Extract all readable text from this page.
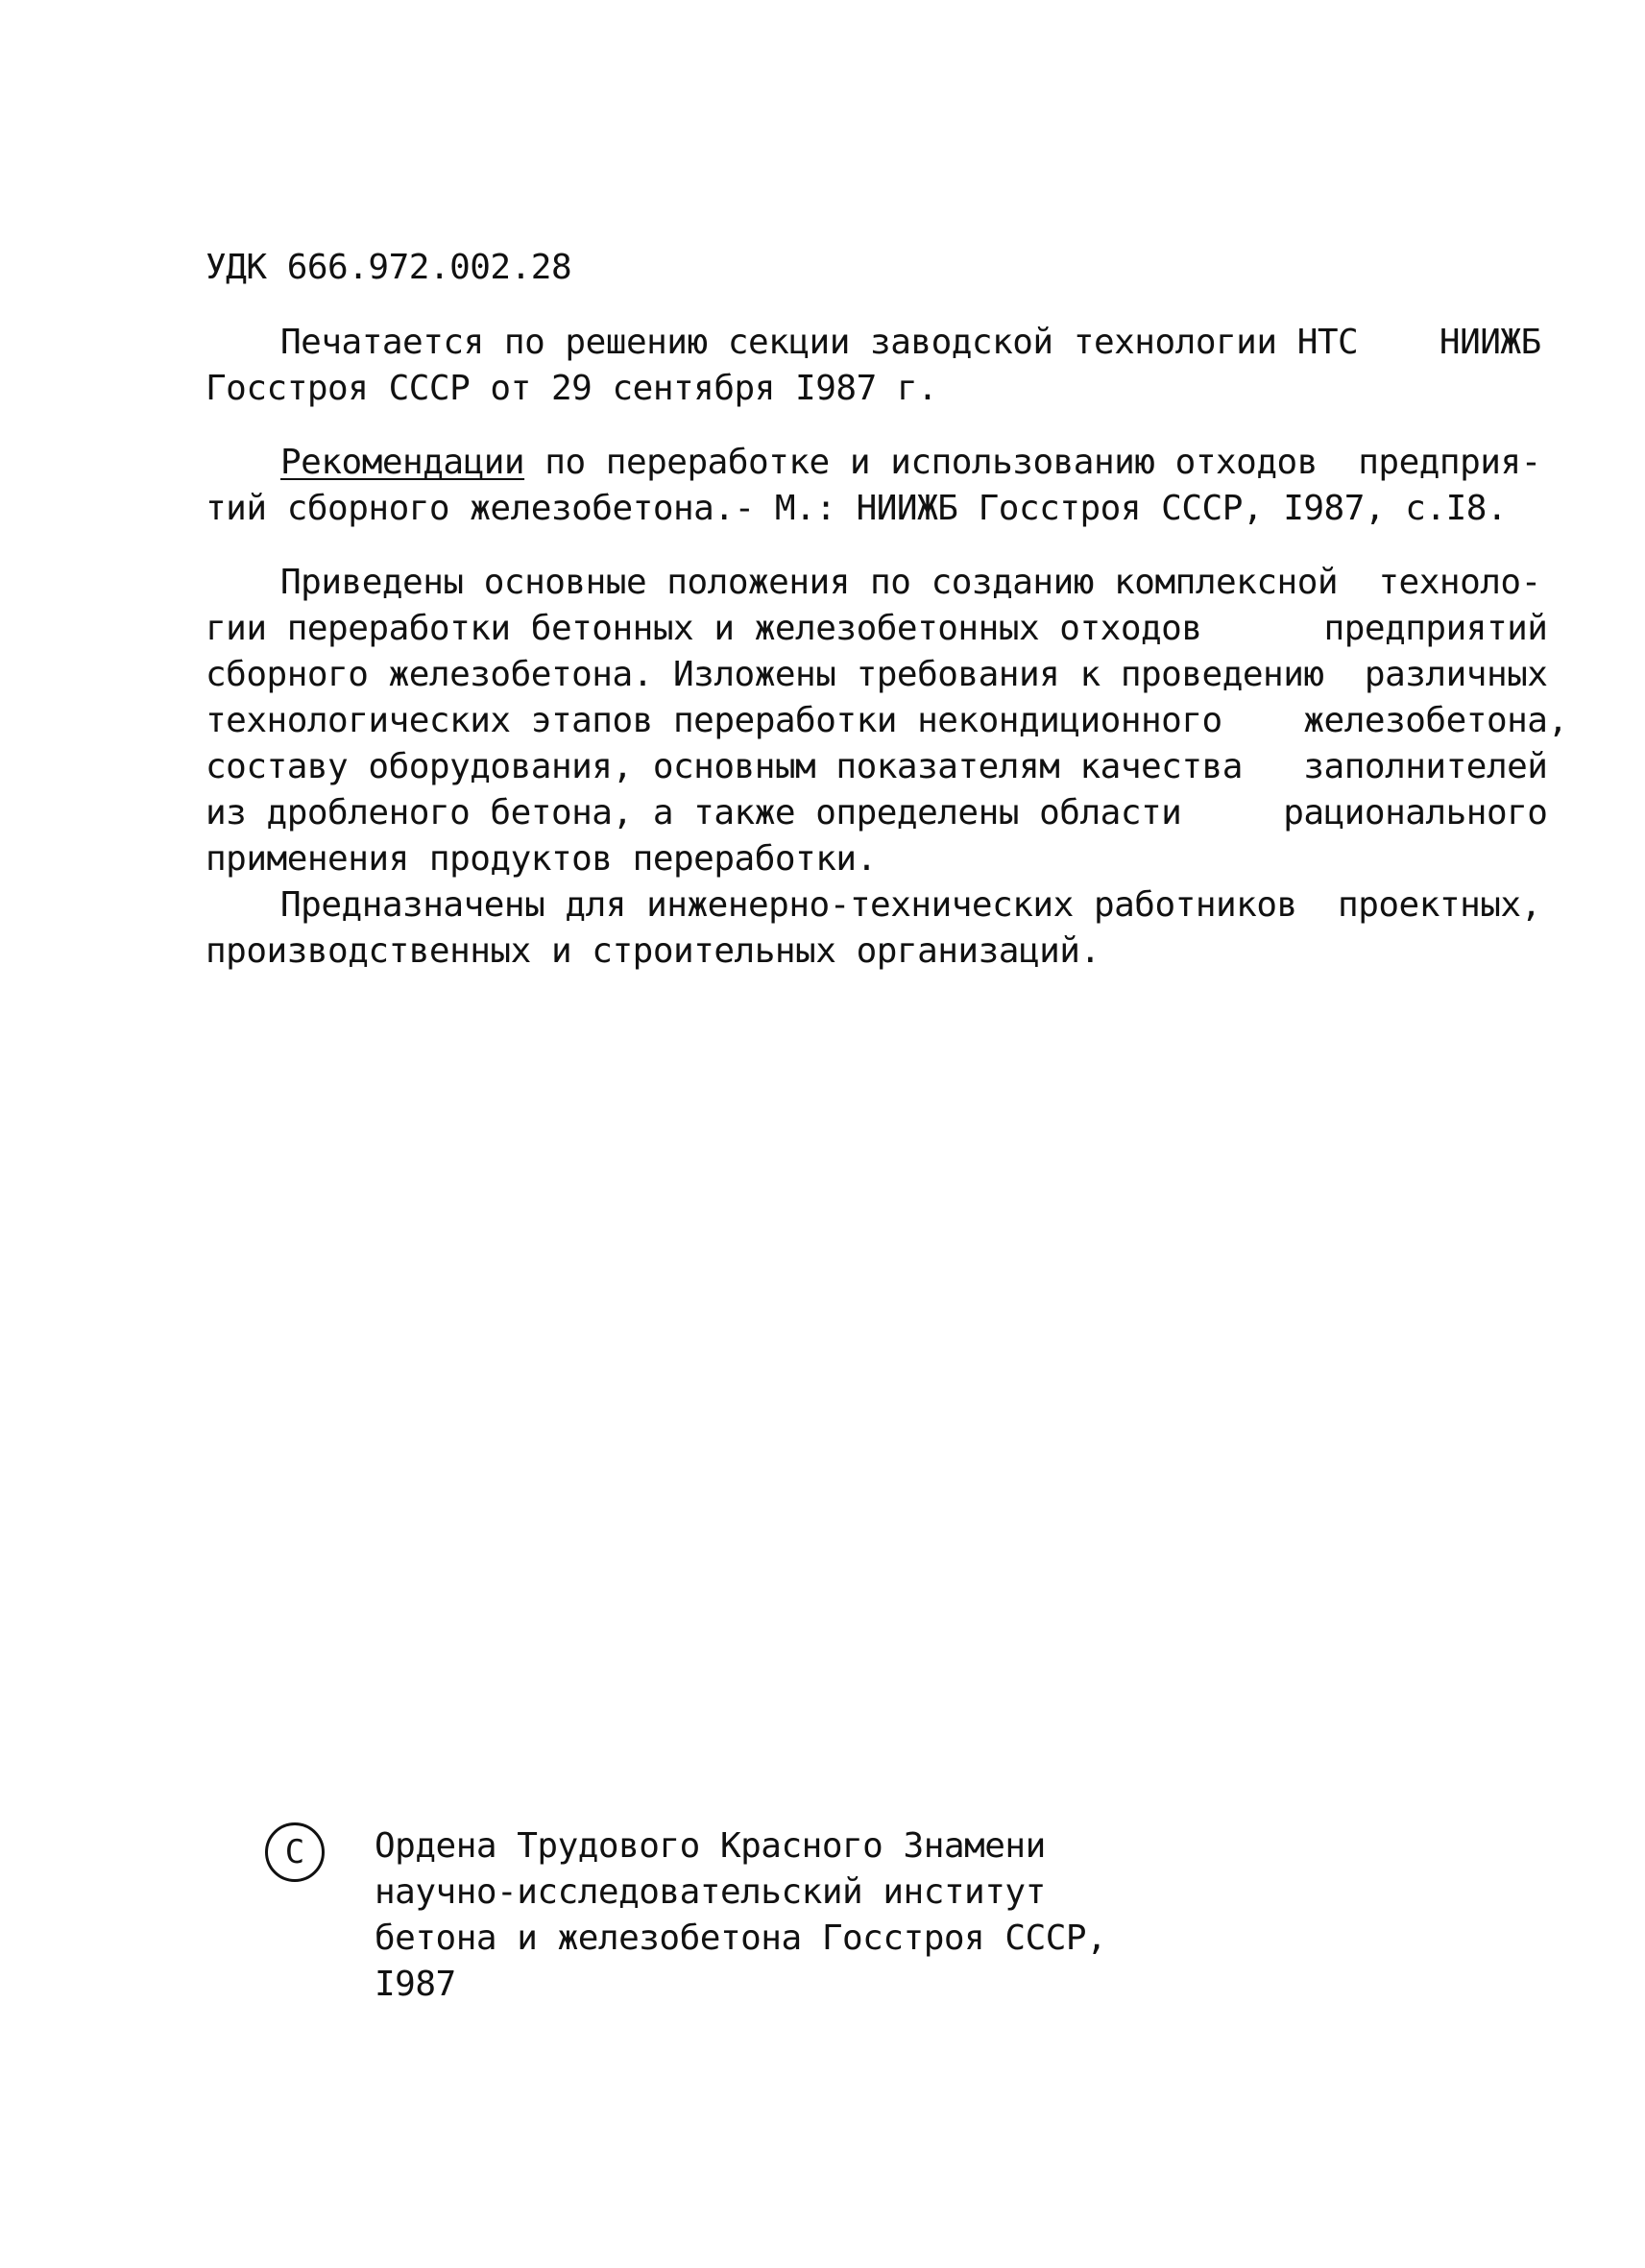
УДК 666.972.002.28
Печатается по решению секции заводской технологии НТС    НИИЖБ
Госстроя СССР от 29 сентября I987 г.
Рекомендации по переработке и использованию отходов  предприя-
тий сборного железобетона.- М.: НИИЖБ Госстроя СССР, I987, с.I8.
Приведены основные положения по созданию комплексной  техноло-
гии переработки бетонных и железобетонных отходов      предприятий
сборного железобетона. Изложены требования к проведению  различных
технологических этапов переработки некондиционного    железобетона,
составу оборудования, основным показателям качества   заполнителей
из дробленого бетона, а также определены области     рационального
применения продуктов переработки.
Предназначены для инженерно-технических работников  проектных,
производственных и строительных организаций.
C Ордена Трудового Красного Знамени
научно-исследовательский институт
бетона и железобетона Госстроя СССР,
I987
